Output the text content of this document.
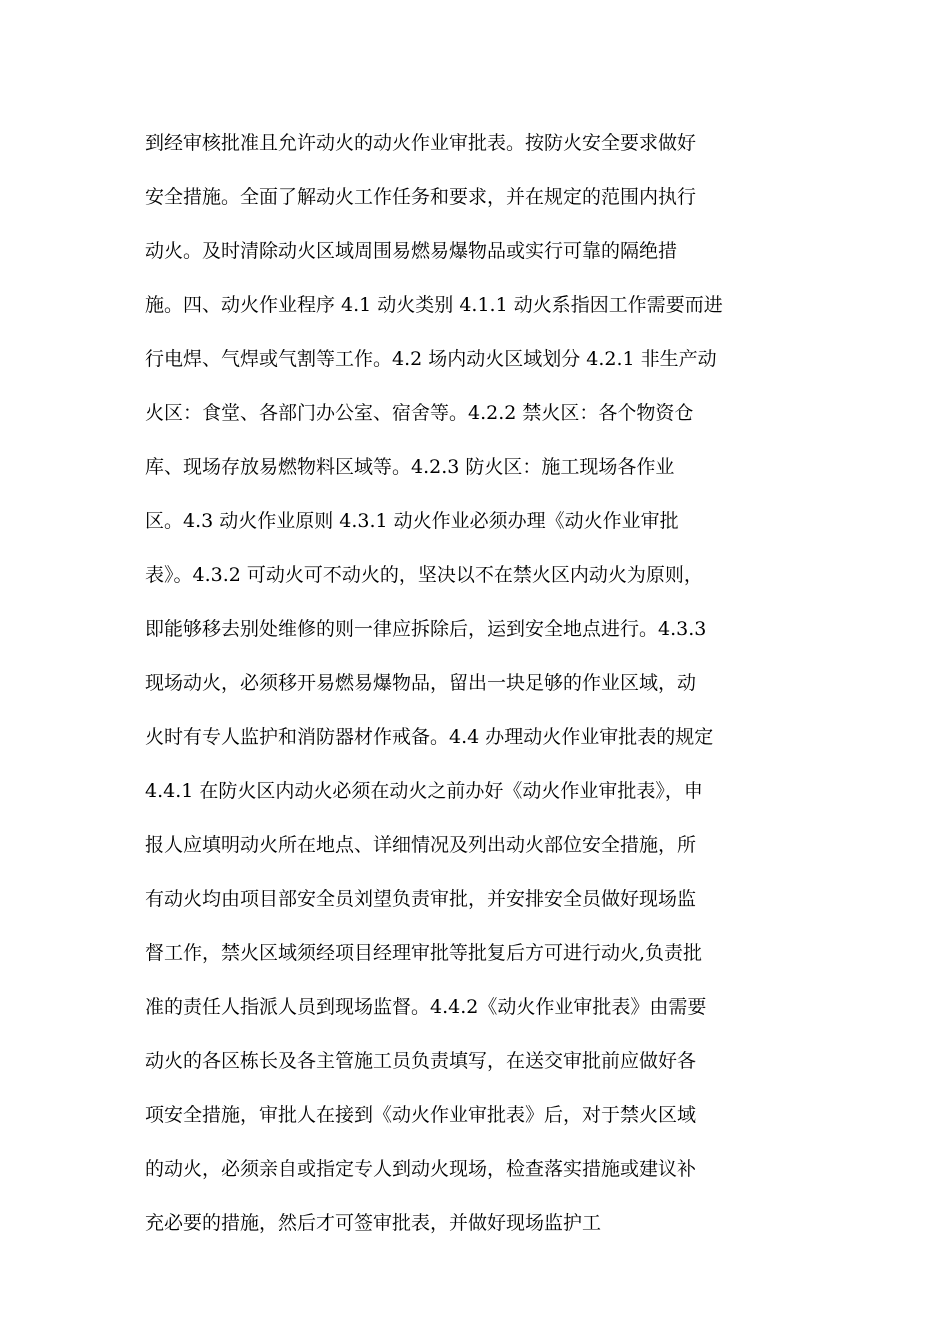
到经审核批准且允许动火的动火作业审批表。按防火安全要求做好
安全措施。全面了解动火工作任务和要求，并在规定的范围内执行
动火。及时清除动火区域周围易燃易爆物品或实行可靠的隔绝措
施。四、动火作业程序 4.1 动火类别 4.1.1 动火系指因工作需要而进
行电焊、气焊或气割等工作。4.2 场内动火区域划分 4.2.1 非生产动
火区：食堂、各部门办公室、宿舍等。4.2.2 禁火区：各个物资仓
库、现场存放易燃物料区域等。4.2.3 防火区：施工现场各作业
区。4.3 动火作业原则 4.3.1 动火作业必须办理《动火作业审批
表》。4.3.2 可动火可不动火的，坚决以不在禁火区内动火为原则，
即能够移去别处维修的则一律应拆除后，运到安全地点进行。4.3.3
现场动火，必须移开易燃易爆物品，留出一块足够的作业区域，动
火时有专人监护和消防器材作戒备。4.4 办理动火作业审批表的规定
4.4.1 在防火区内动火必须在动火之前办好《动火作业审批表》，申
报人应填明动火所在地点、详细情况及列出动火部位安全措施，所
有动火均由项目部安全员刘望负责审批，并安排安全员做好现场监
督工作，禁火区域须经项目经理审批等批复后方可进行动火,负责批
准的责任人指派人员到现场监督。4.4.2《动火作业审批表》由需要
动火的各区栋长及各主管施工员负责填写，在送交审批前应做好各
项安全措施，审批人在接到《动火作业审批表》后，对于禁火区域
的动火，必须亲自或指定专人到动火现场，检查落实措施或建议补
充必要的措施，然后才可签审批表，并做好现场监护工
